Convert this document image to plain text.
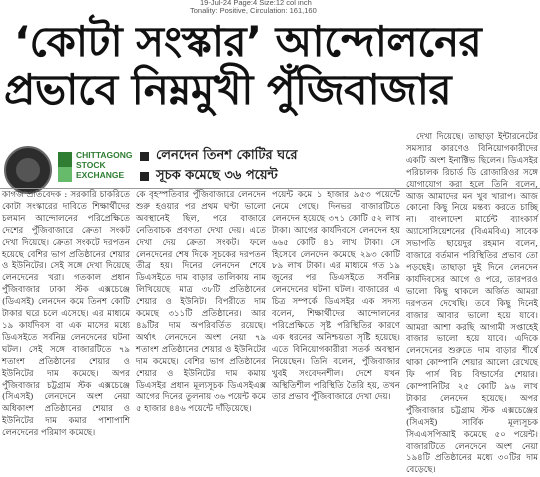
19-Jul-24 Page:4 Size:12 col inch
Tonality: Positive, Circulation: 161,160
‘কোটা সংস্কার’ আন্দোলনের
প্রভাবে নিম্নমুখী পুঁজিবাজার
CHITTAGONG
STOCK
EXCHANGE
লেনদেন তিনশ কোটির ঘরে
সূচক কমেছে ৩৬ পয়েন্ট

কাগজ প্রতিবেদক : সরকারি চাকরিতে কোটা সংস্কারের দাবিতে শিক্ষার্থীদের চলমান আন্দোলনের পরিপ্রেক্ষিতে দেশের পুঁজিবাজারে ক্রেতা সংকট দেখা দিয়েছে। ক্রেতা সংকটে দরপতন হয়েছে বেশির ভাগ প্রতিষ্ঠানের শেয়ার ও ইউনিটের। সেই সঙ্গে দেখা দিয়েছে লেনদেনের খরা। গতকাল প্রধান পুঁজিবাজার ঢাকা স্টক এক্সচেঞ্জে (ডিএসই) লেনদেন কমে তিনশ কোটি টাকার ঘরে চলে এসেছে। এর মাধ্যমে ১৯ কার্যদিবস বা এক মাসের মধ্যে ডিএসইতে সর্বনিম্ন লেনদেনের ঘটনা ঘটল। সেই সঙ্গে বাজারটিতে ৭৯ শতাংশ প্রতিষ্ঠানের শেয়ার ও ইউনিটের দাম কমেছে। অপর পুঁজিবাজার চট্টগ্রাম স্টক এক্সচেঞ্জে (সিএসই) লেনদেনে অংশ নেয়া অধিকাংশ প্রতিষ্ঠানের শেয়ার ও ইউনিটের দাম কমার পাশাপাশি লেনদেনের পরিমাণ কমেছে।

কে বৃহস্পতিবার পুঁজিবাজারে লেনদেন শুরু হওয়ার পর প্রথম ঘণ্টা ভালো অবস্থানেই ছিল, পরে বাজারে নেতিবাচক প্রবণতা দেখা দেয়। এতে দেখা দেয় ক্রেতা সংকট। ফলে লেনদেনের শেষ দিকে সূচকের দরপতন তীব্র হয়। দিনের লেনদেন শেষে ডিএসইতে দাম বাড়ার তালিকায় নাম লিখিয়েছে মাত্র ৩৮টি প্রতিষ্ঠানের শেয়ার ও ইউনিট। বিপরীতে দাম কমেছে ৩১১টি প্রতিষ্ঠানের। আর ৪৯টির দাম অপরিবর্তিত রয়েছে। অর্থাৎ লেনদেনে অংশ নেয়া ৭৯ শতাংশ প্রতিষ্ঠানের শেয়ার ও ইউনিটের দাম কমেছে। বেশির ভাগ প্রতিষ্ঠানের শেয়ার ও ইউনিটের দাম কমায় ডিএসইর প্রধান মূল্যসূচক ডিএসইএক্স আগের দিনের তুলনায় ৩৬ পয়েন্ট কমে ৫ হাজার ৪৪৬ পয়েন্টে দাঁড়িয়েছে।

পয়েন্ট কমে ১ হাজার ৯৫৩ পয়েন্টে নেমে গেছে। দিনভর বাজারটিতে লেনদেন হয়েছে ৩৭১ কোটি ৫২ লাখ টাকা। আগের কার্যদিবসে লেনদেন হয় ৬৬৫ কোটি ৪১ লাখ টাকা। সে হিসেবে লেনদেন কমেছে ২৯৩ কোটি ৮৯ লাখ টাকা। এর মাধ্যমে গত ১৯ জুনের পর ডিএসইতে সর্বনিম্ন লেনদেনের ঘটনা ঘটল। বাজারের এ চিত্র সম্পর্কে ডিএসইর এক সদস্য বলেন, শিক্ষার্থীদের আন্দোলনের পরিপ্রেক্ষিতে সৃষ্ট পরিস্থিতির কারণে এক ধরনের অনিশ্চয়তা সৃষ্টি হয়েছে। এতে বিনিয়োগকারীরা সতর্ক অবস্থান নিয়েছেন। তিনি বলেন, পুঁজিবাজার খুবই সংবেদনশীল। দেশে যখন অস্থিতিশীল পরিস্থিতি তৈরি হয়, তখন তার প্রভাব পুঁজিবাজারে দেখা দেয়।

দেখা দিয়েছে। তাছাড়া ইন্টারনেটের সমস্যার কারণেও বিনিয়োগকারীদের একটি অংশ ইনাক্টিভ ছিলেন। ডিএসইর পরিচালক রিচার্ড ডি রোজারিওর সঙ্গে যোগাযোগ করা হলে তিনি বলেন, আজ আমাদের মন খুব খারাপ। আজ কোনো কিছু নিয়ে মন্তব্য করতে চাচ্ছি না। বাংলাদেশ মার্চেন্ট ব্যাংকার্স অ্যাসোসিয়েশনের (বিএমবিএ) সাবেক সভাপতি ছায়েদুর রহমান বলেন, বাজারে বর্তমান পরিস্থিতির প্রভাব তো পড়ছেই। তাছাড়া দুই দিনে লেনদেন কার্যদিবসের আগে ও পরে, তারপরও ভালো কিছু থাকলে অর্জিত আমরা দরপতন দেখেছি। তবে কিছু দিনেই বাজার আবার ভালো হয়ে যাবে। আমরা আশা করছি আগামী সপ্তাহেই বাজার ভালো হয়ে যাবে। এদিকে লেনদেনের শুরুতে দাম বাড়ার শীর্ষে থাকা কোম্পানি শেয়ার আলো রেখেছে ফি পার্স বিচ বিল্ডার্সের শেয়ার। কোম্পানিটির ২৫ কোটি ৯৬ লাখ টাকার লেনদেন হয়েছে। অপর পুঁজিবাজার চট্টগ্রাম স্টক এক্সচেঞ্জের (সিএসই) সার্বিক মূল্যসূচক সিএএসপিআই কমেছে ৫০ পয়েন্ট। বাজারটিতে লেনদেনে অংশ নেয়া ১৯৪টি প্রতিষ্ঠানের মধ্যে ৩০টির দাম বেড়েছে।
